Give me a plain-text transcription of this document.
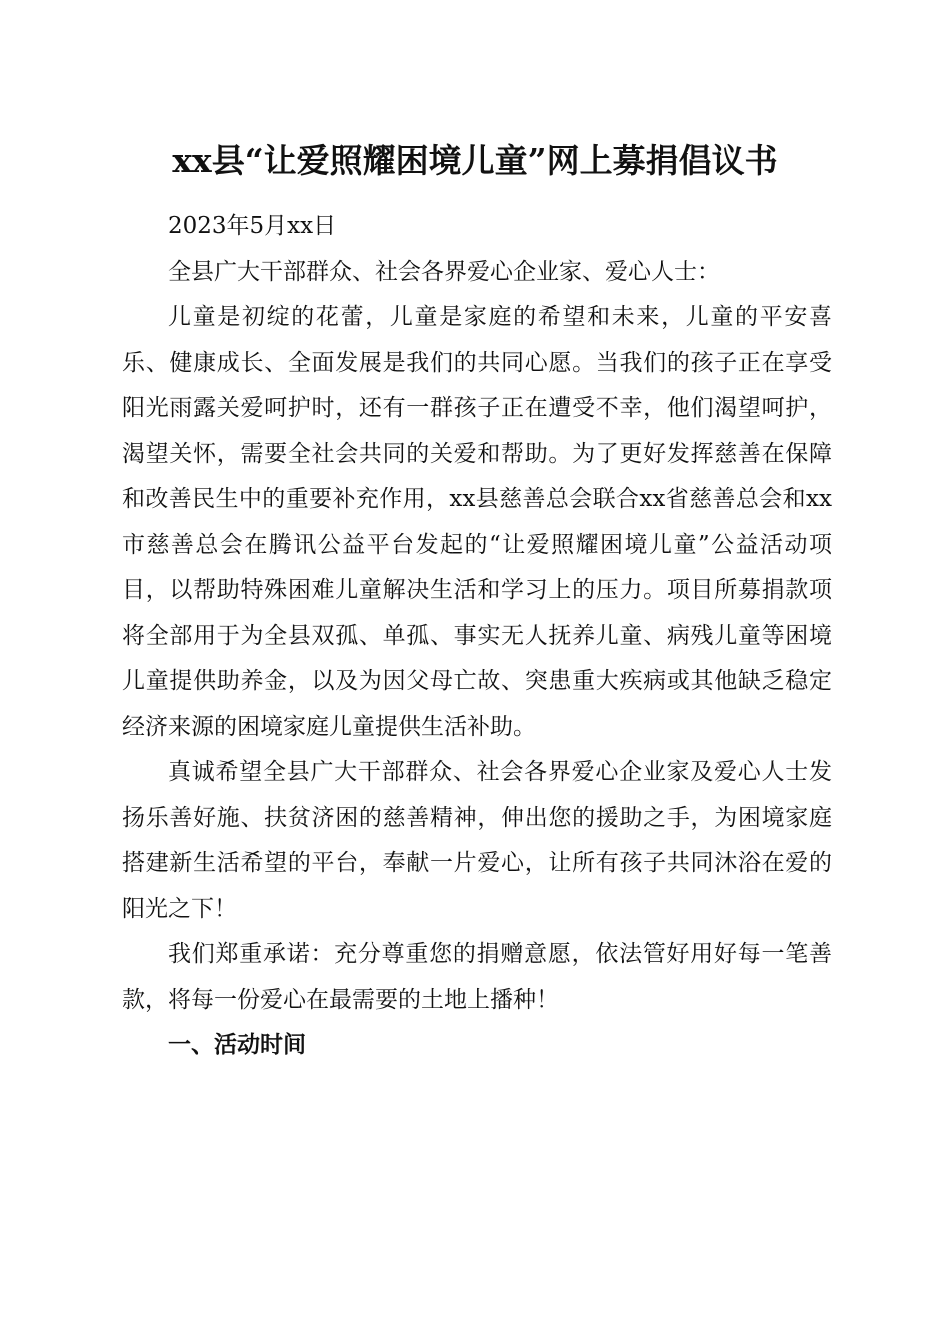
xx县“让爱照耀困境儿童”网上募捐倡议书

2023年5月xx日

全县广大干部群众、社会各界爱心企业家、爱心人士：

儿童是初绽的花蕾，儿童是家庭的希望和未来，儿童的平安喜乐、健康成长、全面发展是我们的共同心愿。当我们的孩子正在享受阳光雨露关爱呵护时，还有一群孩子正在遭受不幸，他们渴望呵护，渴望关怀，需要全社会共同的关爱和帮助。为了更好发挥慈善在保障和改善民生中的重要补充作用，xx县慈善总会联合xx省慈善总会和xx市慈善总会在腾讯公益平台发起的“让爱照耀困境儿童”公益活动项目，以帮助特殊困难儿童解决生活和学习上的压力。项目所募捐款项将全部用于为全县双孤、单孤、事实无人抚养儿童、病残儿童等困境儿童提供助养金，以及为因父母亡故、突患重大疾病或其他缺乏稳定经济来源的困境家庭儿童提供生活补助。

真诚希望全县广大干部群众、社会各界爱心企业家及爱心人士发扬乐善好施、扶贫济困的慈善精神，伸出您的援助之手，为困境家庭搭建新生活希望的平台，奉献一片爱心，让所有孩子共同沐浴在爱的阳光之下！

我们郑重承诺：充分尊重您的捐赠意愿，依法管好用好每一笔善款，将每一份爱心在最需要的土地上播种！

一、活动时间
